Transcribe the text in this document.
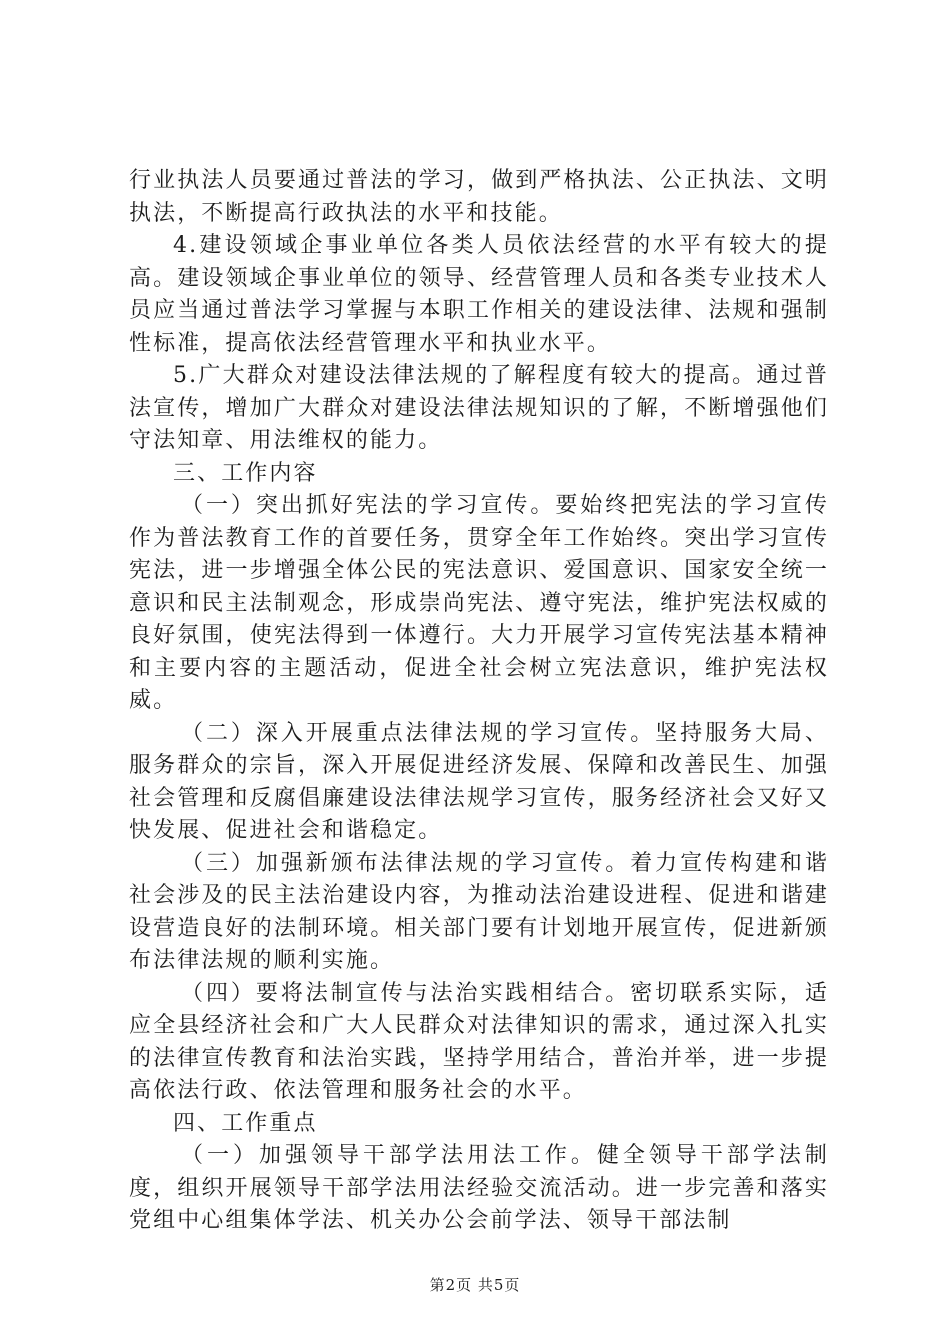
行业执法人员要通过普法的学习，做到严格执法、公正执法、文明执法，不断提高行政执法的水平和技能。

4.建设领域企事业单位各类人员依法经营的水平有较大的提高。建设领域企事业单位的领导、经营管理人员和各类专业技术人员应当通过普法学习掌握与本职工作相关的建设法律、法规和强制性标准，提高依法经营管理水平和执业水平。

5.广大群众对建设法律法规的了解程度有较大的提高。通过普法宣传，增加广大群众对建设法律法规知识的了解，不断增强他们守法知章、用法维权的能力。

三、工作内容

（一）突出抓好宪法的学习宣传。要始终把宪法的学习宣传作为普法教育工作的首要任务，贯穿全年工作始终。突出学习宣传宪法，进一步增强全体公民的宪法意识、爱国意识、国家安全统一意识和民主法制观念，形成崇尚宪法、遵守宪法，维护宪法权威的良好氛围，使宪法得到一体遵行。大力开展学习宣传宪法基本精神和主要内容的主题活动，促进全社会树立宪法意识，维护宪法权威。

（二）深入开展重点法律法规的学习宣传。坚持服务大局、服务群众的宗旨，深入开展促进经济发展、保障和改善民生、加强社会管理和反腐倡廉建设法律法规学习宣传，服务经济社会又好又快发展、促进社会和谐稳定。

（三）加强新颁布法律法规的学习宣传。着力宣传构建和谐社会涉及的民主法治建设内容，为推动法治建设进程、促进和谐建设营造良好的法制环境。相关部门要有计划地开展宣传，促进新颁布法律法规的顺利实施。

（四）要将法制宣传与法治实践相结合。密切联系实际，适应全县经济社会和广大人民群众对法律知识的需求，通过深入扎实的法律宣传教育和法治实践，坚持学用结合，普治并举，进一步提高依法行政、依法管理和服务社会的水平。

四、工作重点

（一）加强领导干部学法用法工作。健全领导干部学法制度，组织开展领导干部学法用法经验交流活动。进一步完善和落实党组中心组集体学法、机关办公会前学法、领导干部法制

第2页 共5页
